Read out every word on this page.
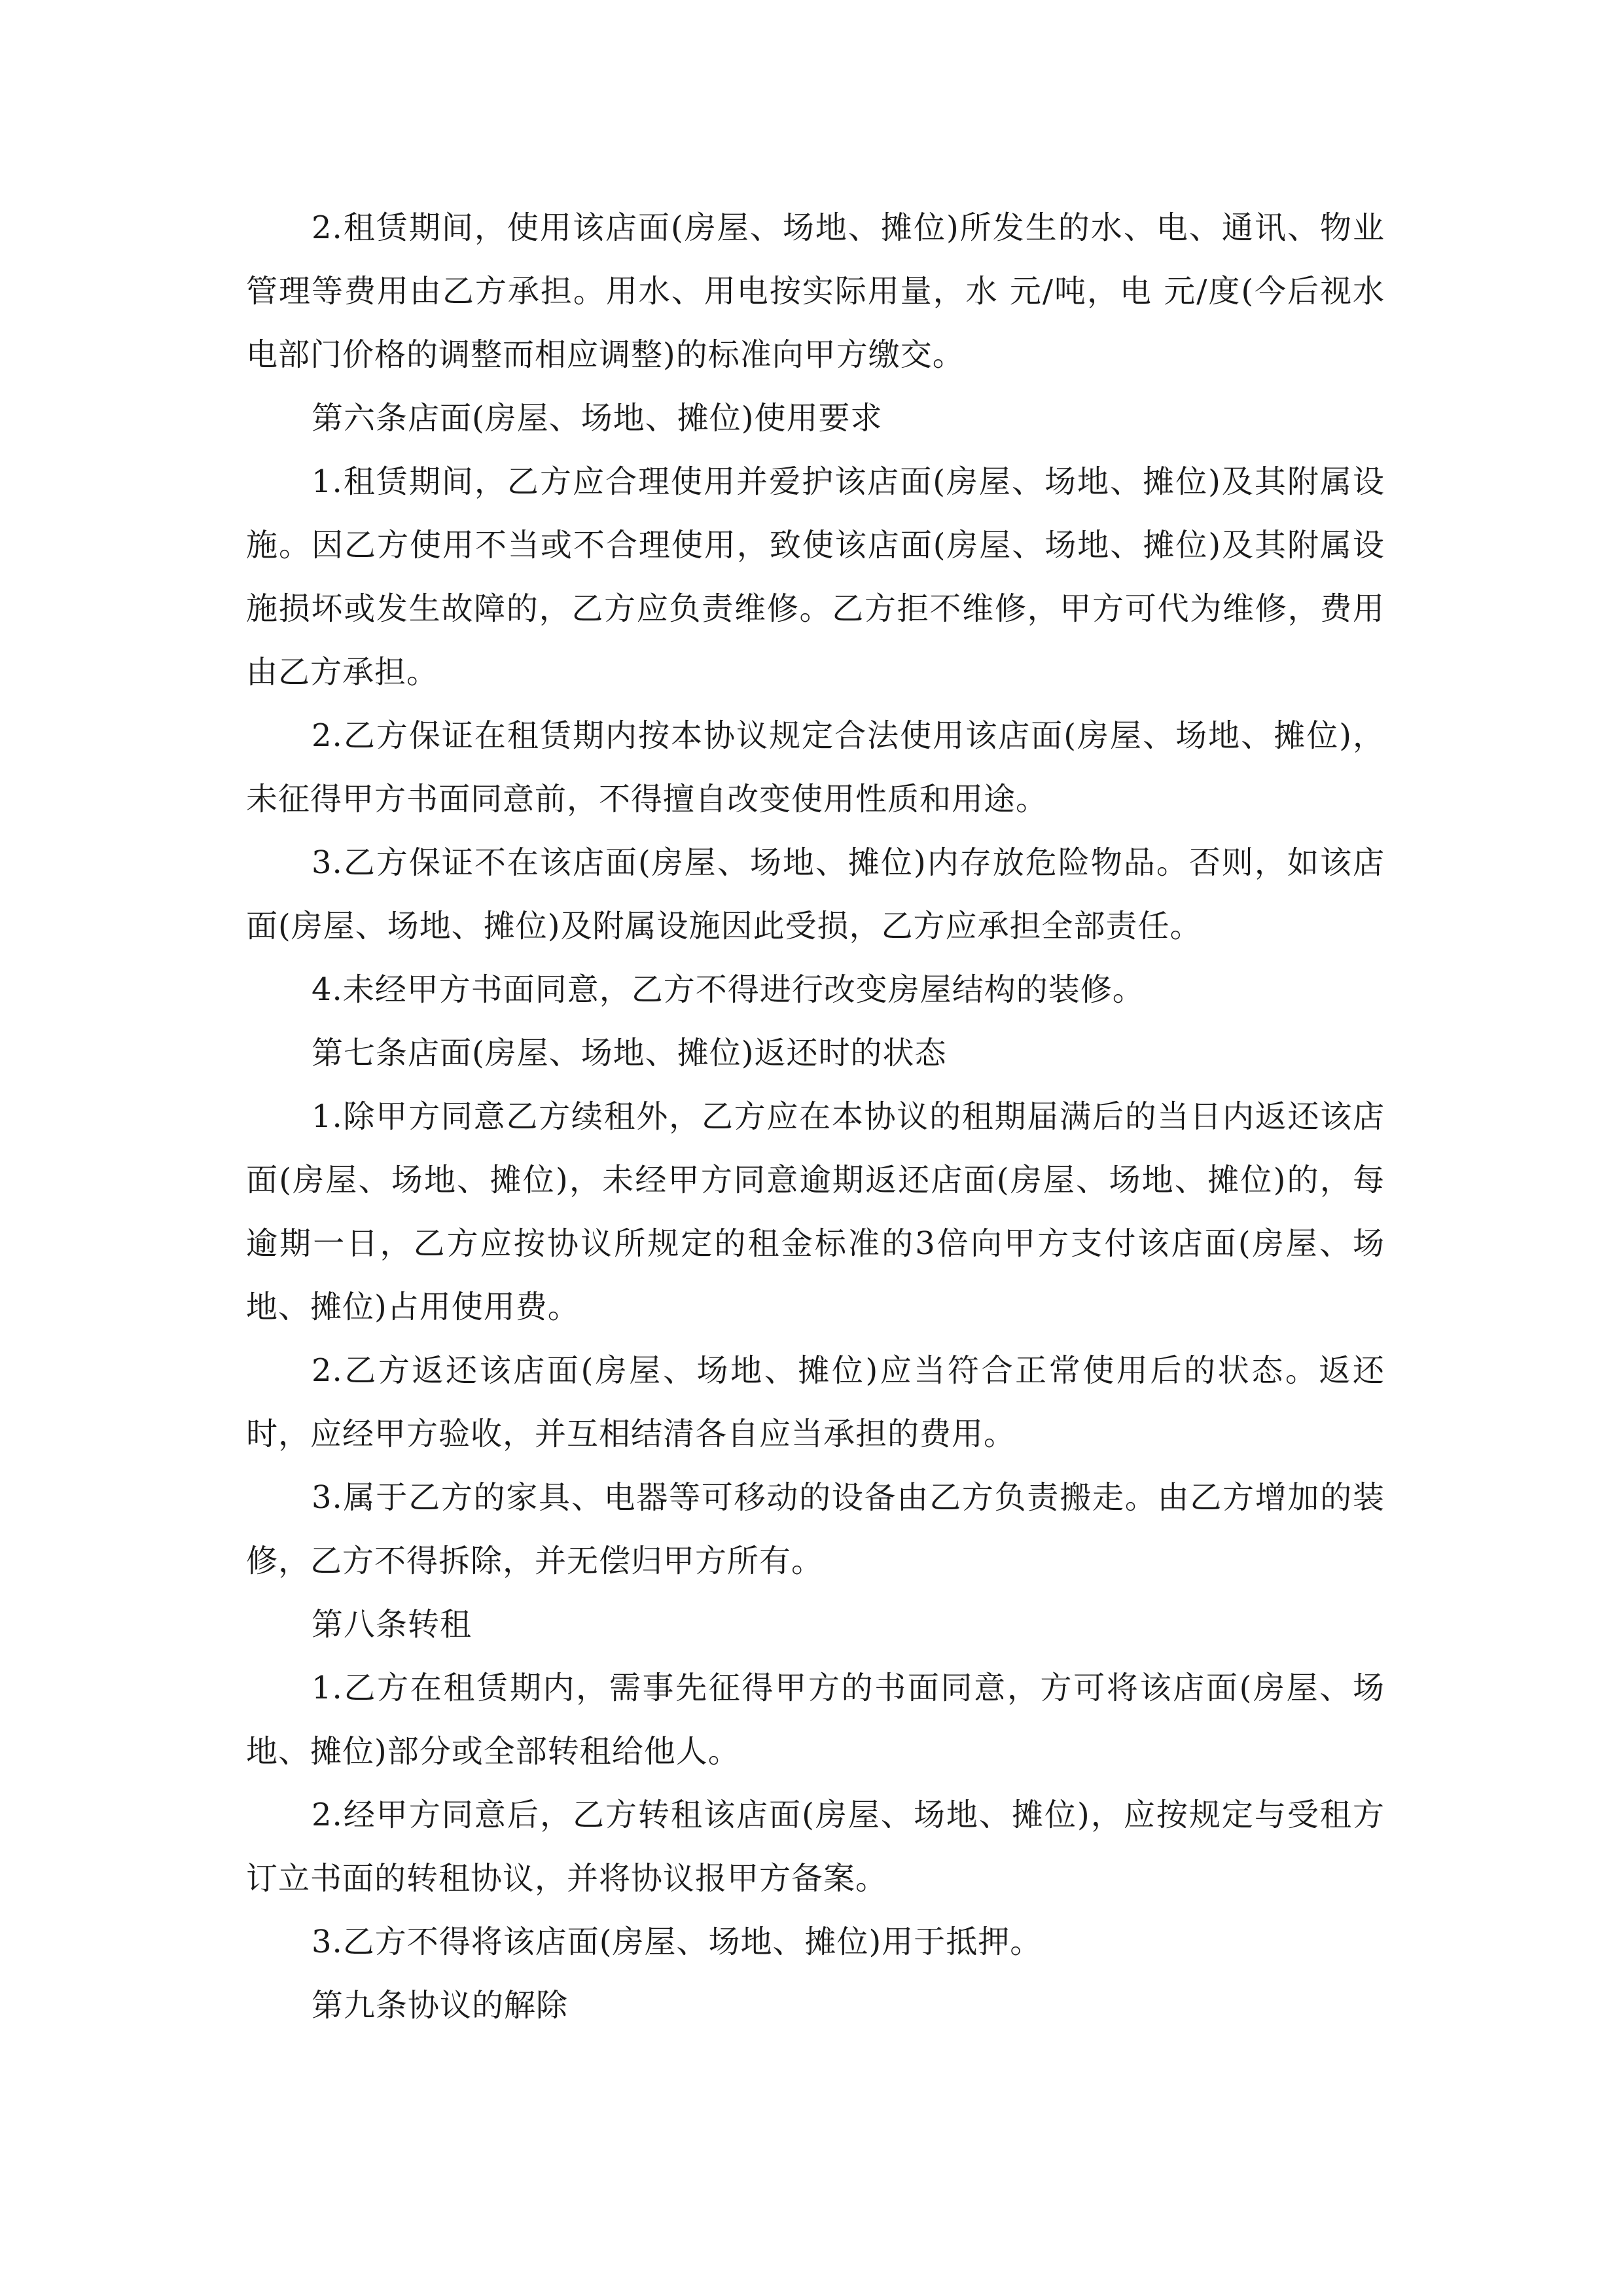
2.租赁期间，使用该店面(房屋、场地、摊位)所发生的水、电、通讯、物业管理等费用由乙方承担。用水、用电按实际用量，水 元/吨，电 元/度(今后视水电部门价格的调整而相应调整)的标准向甲方缴交。

第六条店面(房屋、场地、摊位)使用要求

1.租赁期间，乙方应合理使用并爱护该店面(房屋、场地、摊位)及其附属设施。因乙方使用不当或不合理使用，致使该店面(房屋、场地、摊位)及其附属设施损坏或发生故障的，乙方应负责维修。乙方拒不维修，甲方可代为维修，费用由乙方承担。

2.乙方保证在租赁期内按本协议规定合法使用该店面(房屋、场地、摊位)，未征得甲方书面同意前，不得擅自改变使用性质和用途。

3.乙方保证不在该店面(房屋、场地、摊位)内存放危险物品。否则，如该店面(房屋、场地、摊位)及附属设施因此受损，乙方应承担全部责任。

4.未经甲方书面同意，乙方不得进行改变房屋结构的装修。

第七条店面(房屋、场地、摊位)返还时的状态

1.除甲方同意乙方续租外，乙方应在本协议的租期届满后的当日内返还该店面(房屋、场地、摊位)，未经甲方同意逾期返还店面(房屋、场地、摊位)的，每逾期一日，乙方应按协议所规定的租金标准的3倍向甲方支付该店面(房屋、场地、摊位)占用使用费。

2.乙方返还该店面(房屋、场地、摊位)应当符合正常使用后的状态。返还时，应经甲方验收，并互相结清各自应当承担的费用。

3.属于乙方的家具、电器等可移动的设备由乙方负责搬走。由乙方增加的装修，乙方不得拆除，并无偿归甲方所有。

第八条转租

1.乙方在租赁期内，需事先征得甲方的书面同意，方可将该店面(房屋、场地、摊位)部分或全部转租给他人。

2.经甲方同意后，乙方转租该店面(房屋、场地、摊位)，应按规定与受租方订立书面的转租协议，并将协议报甲方备案。

3.乙方不得将该店面(房屋、场地、摊位)用于抵押。

第九条协议的解除
